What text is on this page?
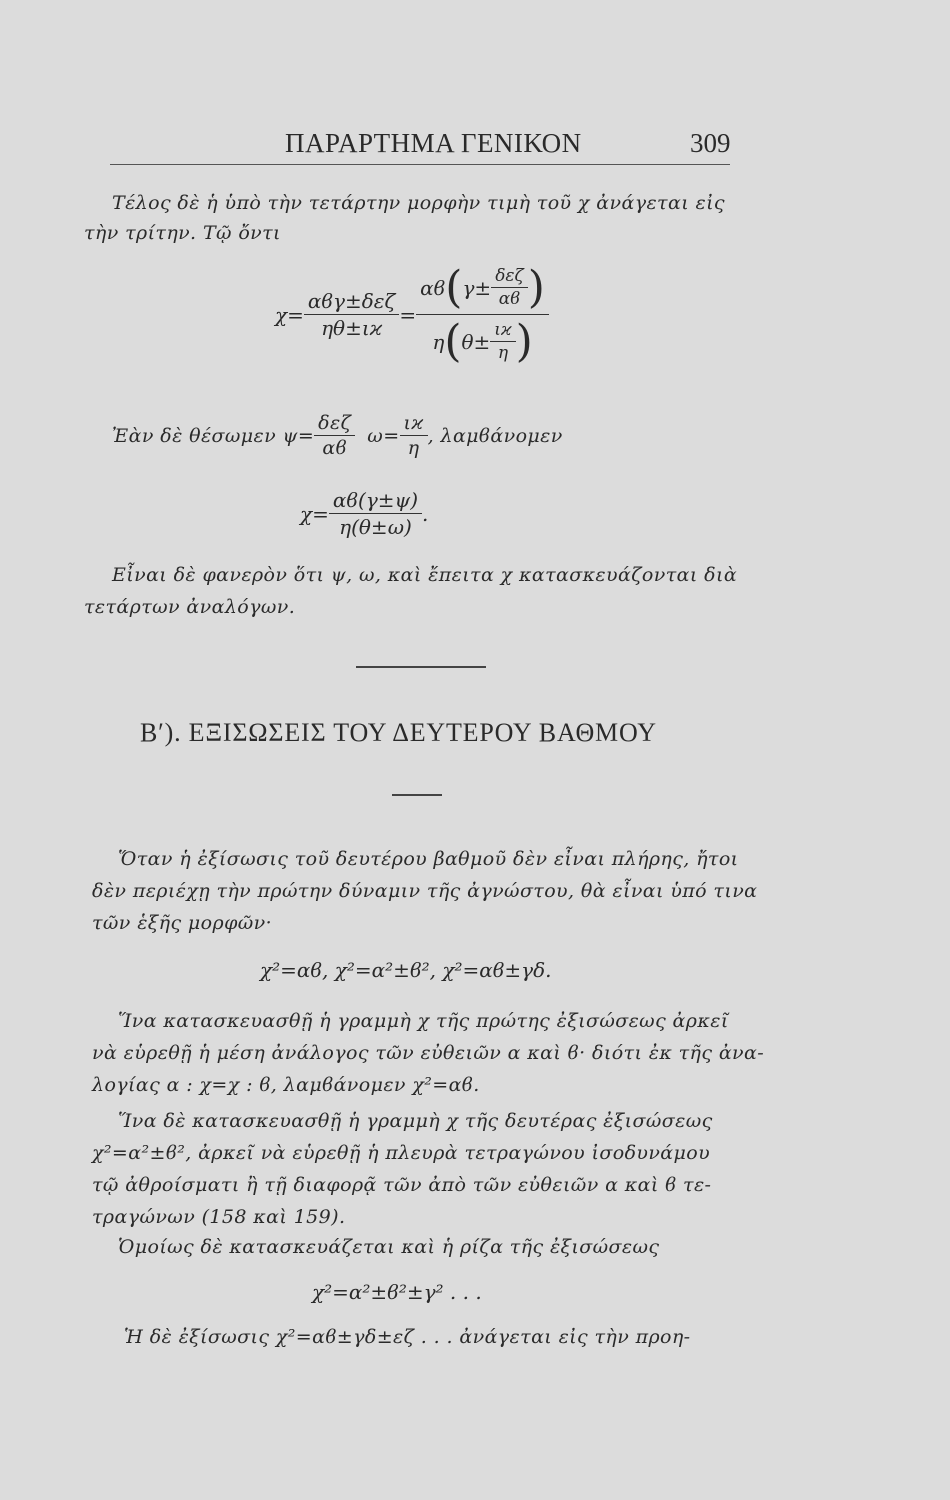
ΠΑΡΑΡΤΗΜΑ ΓΕΝΙΚΟΝ	309
Τέλος δὲ ἡ ὑπὸ τὴν τετάρτην μορφὴν τιμὴ τοῦ χ ἀνάγεται εἰς
τὴν τρίτην. Τῷ ὄντι
$\chi= \frac{\text{αϐγ±δεζ}}{\eta\theta\pm\iota ϰ}$ =
αϐ ( $\gamma\pm \frac{\text{δεζ}}{\alpha ϐ}$ )
η ( $\theta\pm \frac{\iota ϰ}{\eta}$ )
Ἐὰν δὲ θέσωμεν $\psi= \frac{\text{δεζ}}{\alpha ϐ} \omega= \frac{\iota ϰ}{\eta}$ , λαμϐάνομεν
$\chi= \frac{\alpha ϐ(\gamma\pm\psi)}{\eta(\theta\pm\omega)}$ .
Εἶναι δὲ φανερὸν ὅτι ψ, ω, καὶ ἔπειτα χ κατασκευάζονται διὰ
τετάρτων ἀναλόγων.
Β′). ΕΞΙΣΩΣΕΙΣ ΤΟΥ ΔΕΥΤΕΡΟΥ ΒΑΘΜΟΥ
Ὅταν ἡ ἐξίσωσις τοῦ δευτέρου βαθμοῦ δὲν εἶναι πλήρης, ἤτοι
δὲν περιέχῃ τὴν πρώτην δύναμιν τῆς ἀγνώστου, θὰ εἶναι ὑπό τινα
τῶν ἑξῆς μορφῶν·
χ²=αϐ, χ²=α²±ϐ², χ²=αϐ±γδ.
Ἵνα κατασκευασθῇ ἡ γραμμὴ χ τῆς πρώτης ἐξισώσεως ἀρκεῖ
νὰ εὑρεθῇ ἡ μέση ἀνάλογος τῶν εὐθειῶν α καὶ ϐ· διότι ἐκ τῆς ἀνα-
λογίας α : χ=χ : ϐ, λαμϐάνομεν χ²=αϐ.
Ἵνα δὲ κατασκευασθῇ ἡ γραμμὴ χ τῆς δευτέρας ἐξισώσεως
χ²=α²±ϐ², ἀρκεῖ νὰ εὑρεθῇ ἡ πλευρὰ τετραγώνου ἰσοδυνάμου
τῷ ἀθροίσματι ἢ τῇ διαφορᾷ τῶν ἀπὸ τῶν εὐθειῶν α καὶ ϐ τε-
τραγώνων (158 καὶ 159).
Ὁμοίως δὲ κατασκευάζεται καὶ ἡ ρίζα τῆς ἐξισώσεως
χ²=α²±ϐ²±γ² . . .
Ἡ δὲ ἐξίσωσις χ²=αϐ±γδ±εζ . . . ἀνάγεται εἰς τὴν προη-
